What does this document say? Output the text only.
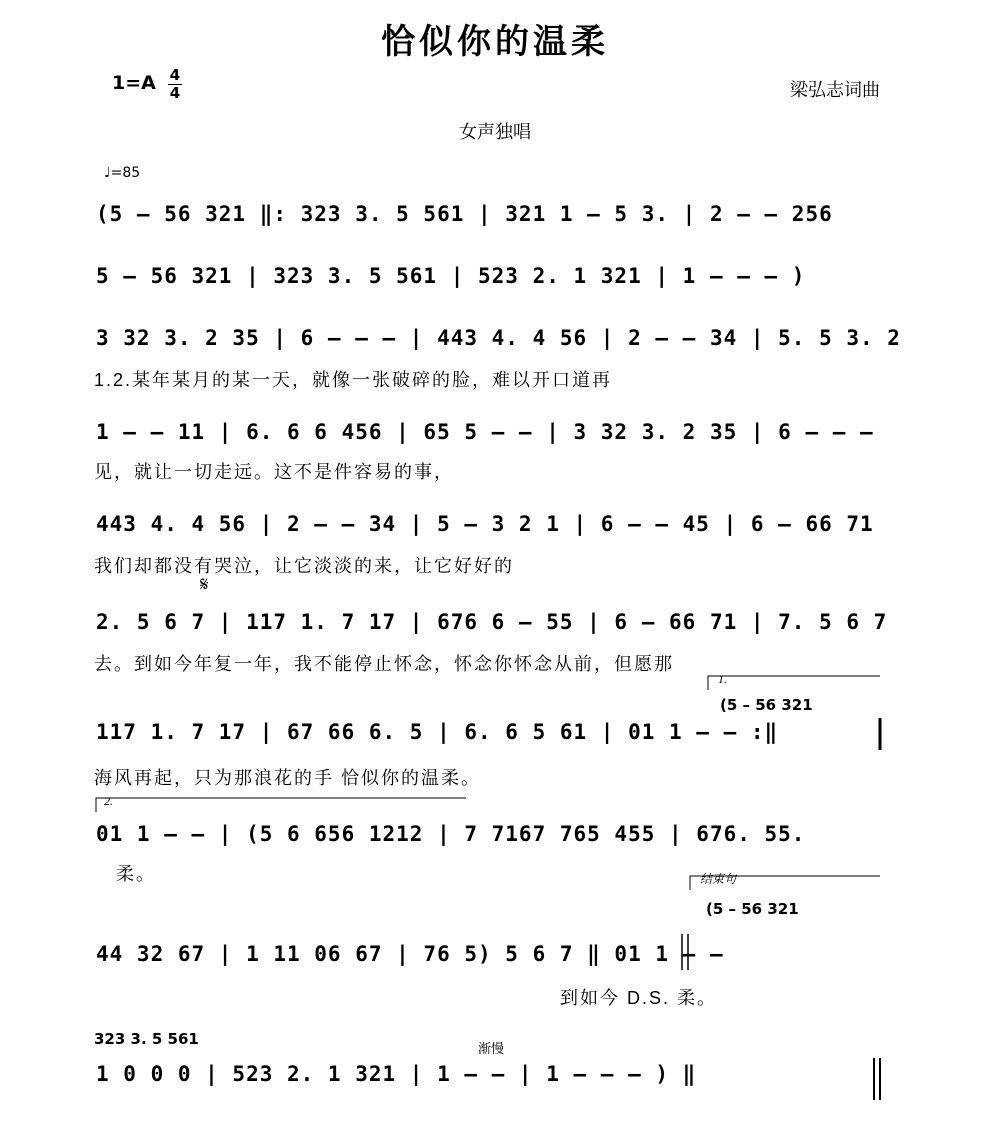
恰似你的温柔
1=A 4
4	梁弘志词曲
女声独唱
♩=85
(5 – 56 321 ‖: 323 3. 5 561 | 321 1 – 5 3. | 2 – – 256
5 – 56 321 | 323 3. 5 561 | 523 2. 1 321 | 1 – – – )
3 32 3. 2 35 | 6 – – – | 443 4. 4 56 | 2 – – 34 | 5. 5 3. 2
1.2.某年某月的某一天，就像一张破碎的脸，难以开口道再
1 – – 11 | 6. 6 6 456 | 65 5 – – | 3 32 3. 2 35 | 6 – – –
见，就让一切走远。这不是件容易的事，
443 4. 4 56 | 2 – – 34 | 5 – 3 2 1 | 6 – – 45 | 6 – 66 71
我们却都没有哭泣，让它淡淡的来，让它好好的
𝄋
2. 5 6 7 | 117 1. 7 17 | 676 6 – 55 | 6 – 66 71 | 7. 5 6 7
去。到如今年复一年，我不能停止怀念，怀念你怀念从前，但愿那
1.
(5 – 56 321
117 1. 7 17 | 67 66 6. 5 | 6. 6 5 61 | 01 1 – – :‖
海风再起，只为那浪花的手 恰似你的温柔。
2.
01 1 – – | (5 6 656 1212 | 7 7167 765 455 | 676. 55.
柔。	结束句
(5 – 56 321
44 32 67 | 1 11 06 67 | 76 5) 5 6 7 ‖ 01 1 – –
到如今 D.S. 柔。
323 3. 5 561
渐慢
1 0 0 0 | 523 2. 1 321 | 1 – – | 1 – – – ) ‖
